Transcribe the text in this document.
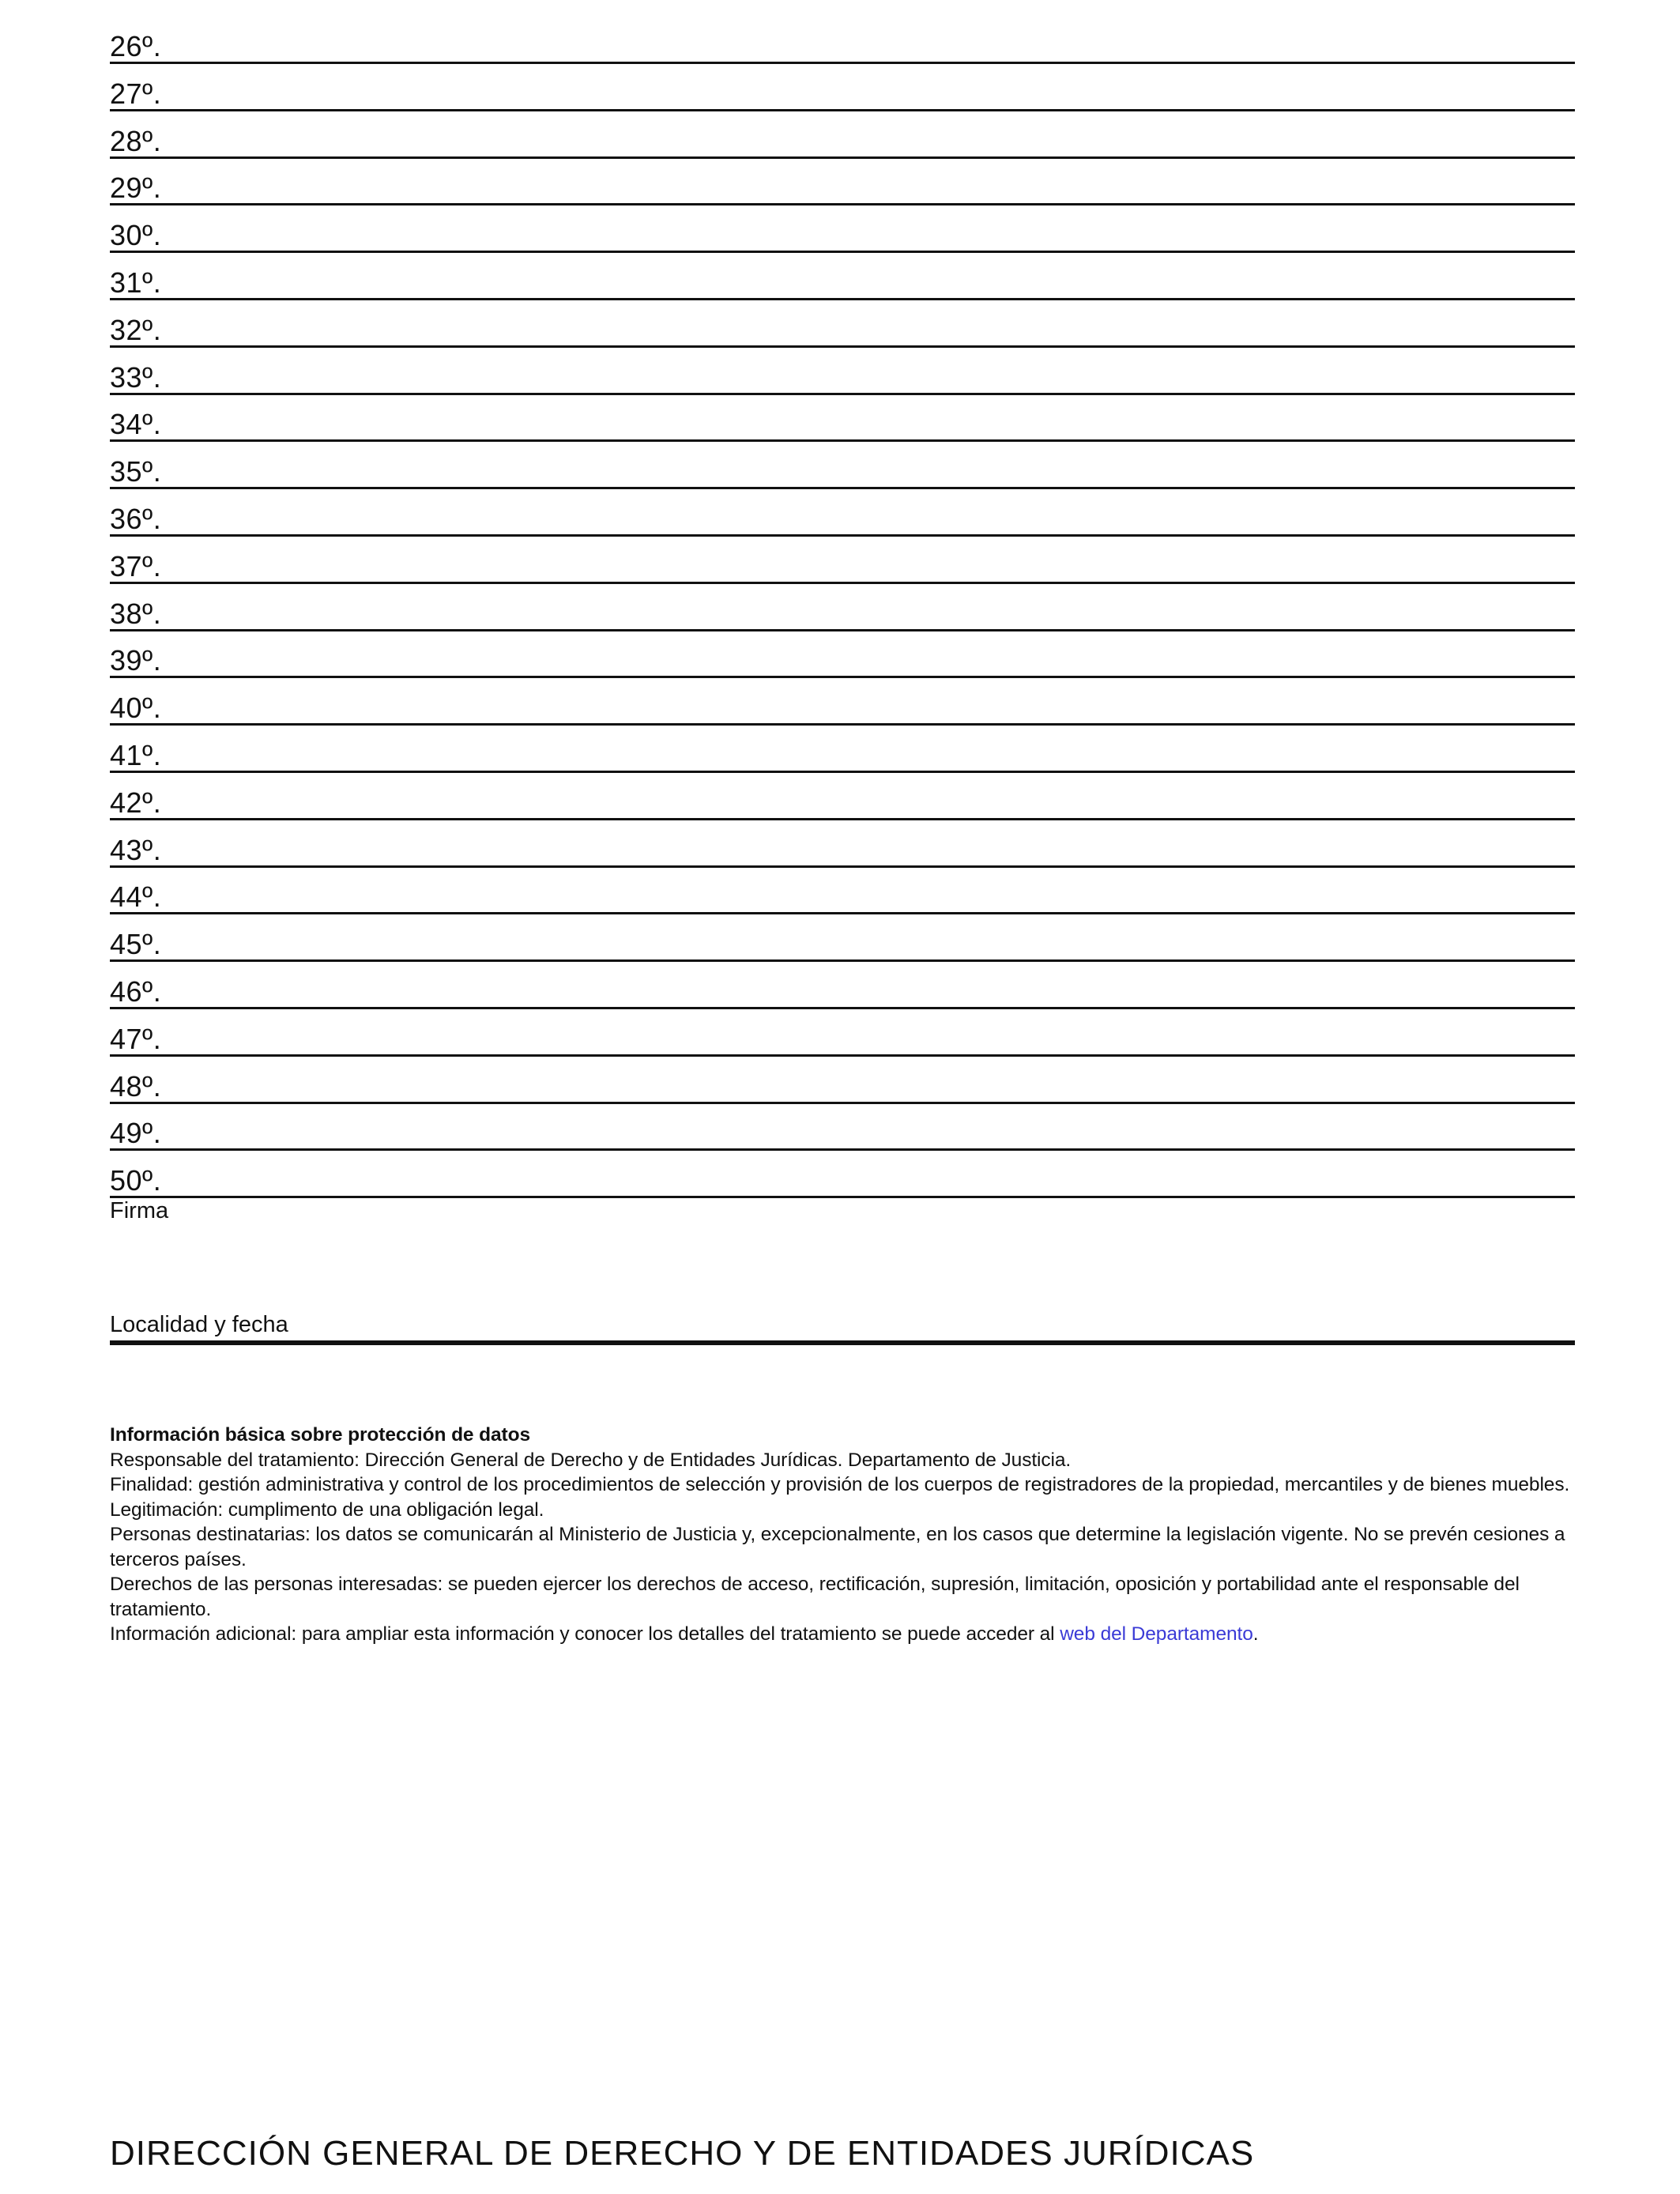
26º.
27º.
28º.
29º.
30º.
31º.
32º.
33º.
34º.
35º.
36º.
37º.
38º.
39º.
40º.
41º.
42º.
43º.
44º.
45º.
46º.
47º.
48º.
49º.
50º.
Firma
Localidad y fecha

Información básica sobre protección de datos

Responsable del tratamiento: Dirección General de Derecho y de Entidades Jurídicas. Departamento de Justicia.

Finalidad: gestión administrativa y control de los procedimientos de selección y provisión de los cuerpos de registradores de la propiedad, mercantiles y de bienes muebles.

Legitimación: cumplimento de una obligación legal.

Personas destinatarias: los datos se comunicarán al Ministerio de Justicia y, excepcionalmente, en los casos que determine la legislación vigente. No se prevén cesiones a terceros países.

Derechos de las personas interesadas: se pueden ejercer los derechos de acceso, rectificación, supresión, limitación, oposición y portabilidad ante el responsable del tratamiento.

Información adicional: para ampliar esta información y conocer los detalles del tratamiento se puede acceder al web del Departamento.

DIRECCIÓN GENERAL DE DERECHO Y DE ENTIDADES JURÍDICAS
